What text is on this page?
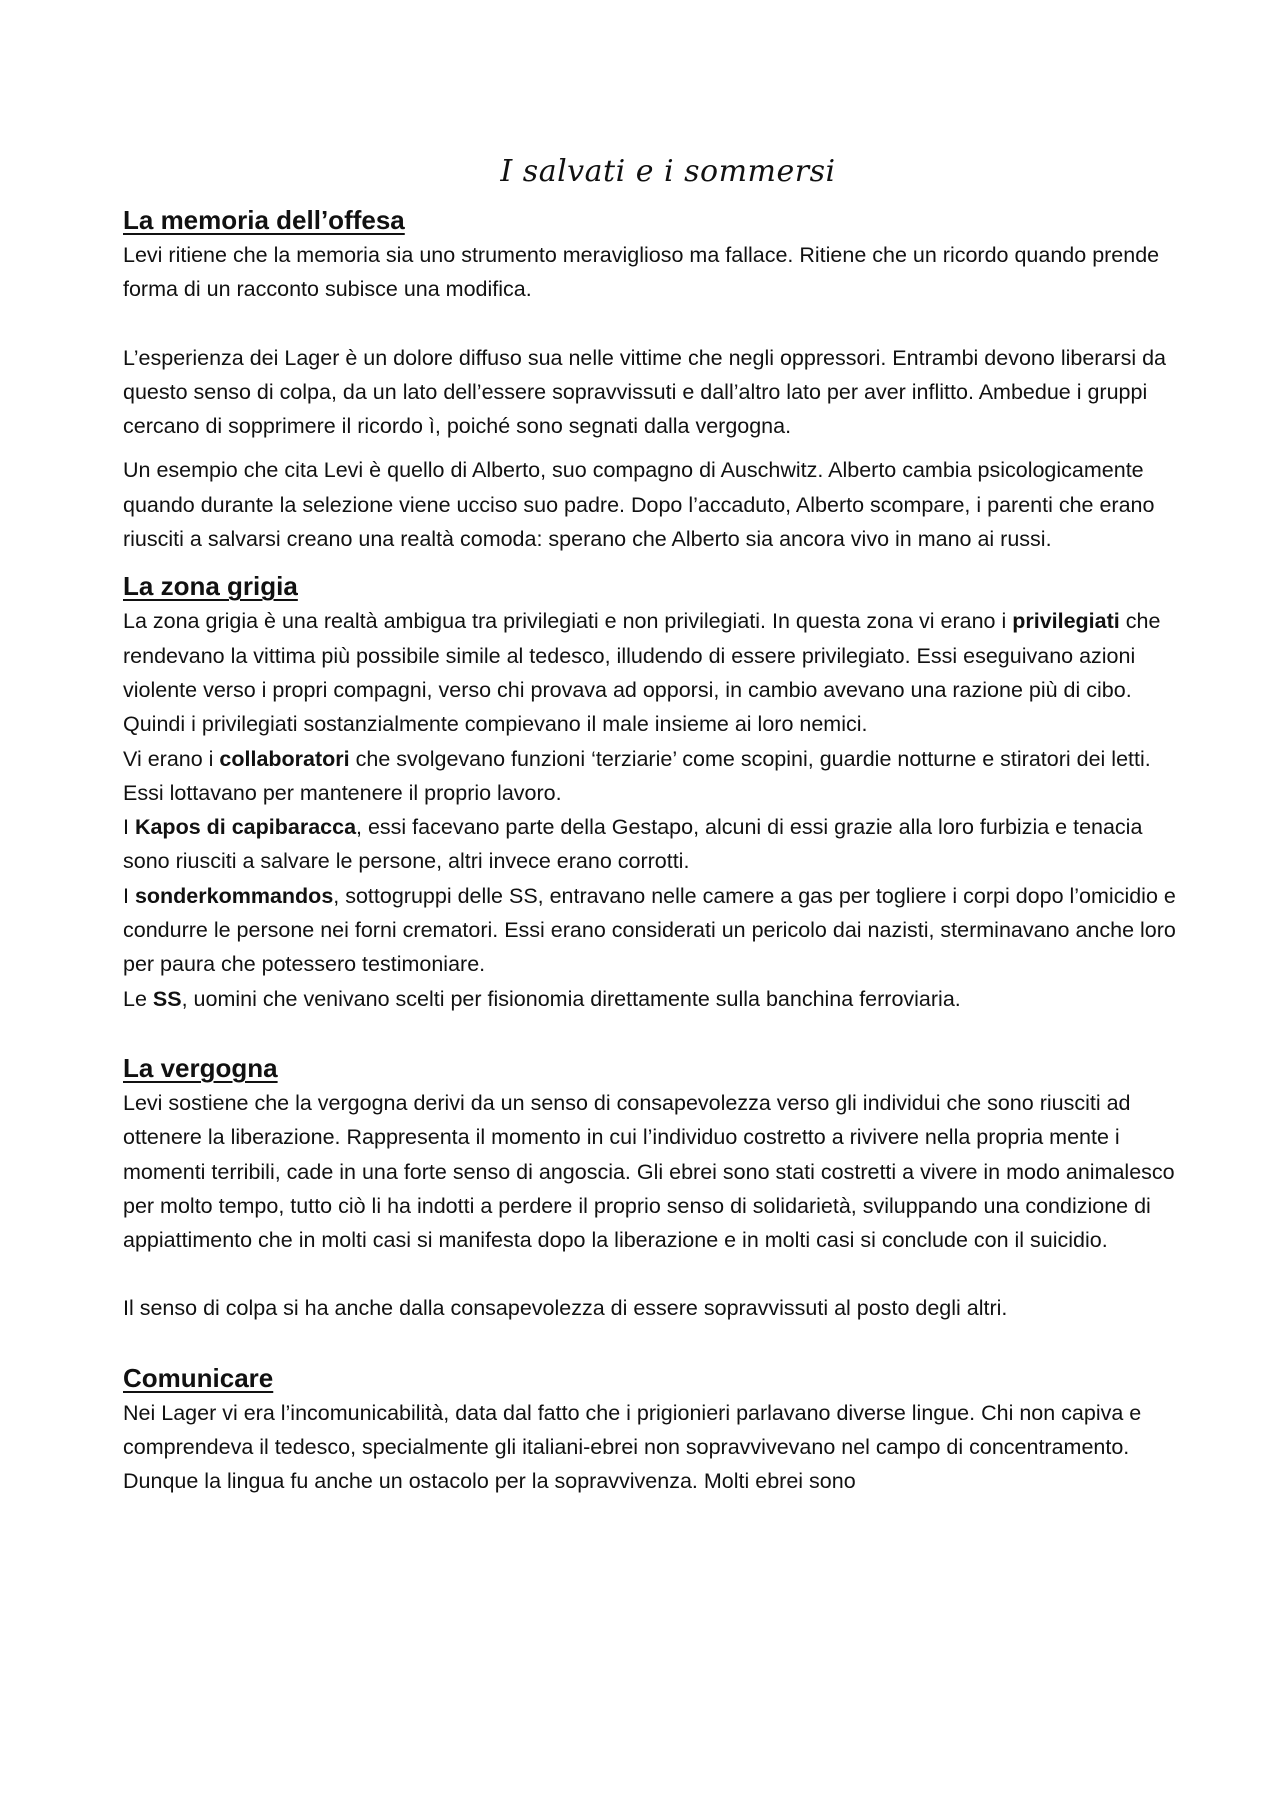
I salvati e i sommersi
La memoria dell’offesa

Levi ritiene che la memoria sia uno strumento meraviglioso ma fallace. Ritiene che un ricordo quando prende forma di un racconto subisce una modifica.

L’esperienza dei Lager è un dolore diffuso sua nelle vittime che negli oppressori. Entrambi devono liberarsi da questo senso di colpa, da un lato dell’essere sopravvissuti e dall’altro lato per aver inflitto. Ambedue i gruppi cercano di sopprimere il ricordo ì, poiché sono segnati dalla vergogna.

Un esempio che cita Levi è quello di Alberto, suo compagno di Auschwitz. Alberto cambia psicologicamente quando durante la selezione viene ucciso suo padre. Dopo l’accaduto, Alberto scompare, i parenti che erano riusciti a salvarsi creano una realtà comoda: sperano che Alberto sia ancora vivo in mano ai russi.

La zona grigia

La zona grigia è una realtà ambigua tra privilegiati e non privilegiati. In questa zona vi erano i privilegiati che rendevano la vittima più possibile simile al tedesco, illudendo di essere privilegiato. Essi eseguivano azioni violente verso i propri compagni, verso chi provava ad opporsi, in cambio avevano una razione più di cibo. Quindi i privilegiati sostanzialmente compievano il male insieme ai loro nemici.

Vi erano i collaboratori che svolgevano funzioni ‘terziarie’ come scopini, guardie notturne e stiratori dei letti. Essi lottavano per mantenere il proprio lavoro.

I Kapos di capibaracca, essi facevano parte della Gestapo, alcuni di essi grazie alla loro furbizia e tenacia sono riusciti a salvare le persone, altri invece erano corrotti.

I sonderkommandos, sottogruppi delle SS, entravano nelle camere a gas per togliere i corpi dopo l’omicidio e condurre le persone nei forni crematori. Essi erano considerati un pericolo dai nazisti, sterminavano anche loro per paura che potessero testimoniare.

Le SS, uomini che venivano scelti per fisionomia direttamente sulla banchina ferroviaria.

La vergogna

Levi sostiene che la vergogna derivi da un senso di consapevolezza verso gli individui che sono riusciti ad ottenere la liberazione. Rappresenta il momento in cui l’individuo costretto a rivivere nella propria mente i momenti terribili, cade in una forte senso di angoscia. Gli ebrei sono stati costretti a vivere in modo animalesco per molto tempo, tutto ciò li ha indotti a perdere il proprio senso di solidarietà, sviluppando una condizione di appiattimento che in molti casi si manifesta dopo la liberazione e in molti casi si conclude con il suicidio.

Il senso di colpa si ha anche dalla consapevolezza di essere sopravvissuti al posto degli altri.

Comunicare

Nei Lager vi era l’incomunicabilità, data dal fatto che i prigionieri parlavano diverse lingue. Chi non capiva e comprendeva il tedesco, specialmente gli italiani-ebrei non sopravvivevano nel campo di concentramento. Dunque la lingua fu anche un ostacolo per la sopravvivenza. Molti ebrei sono
